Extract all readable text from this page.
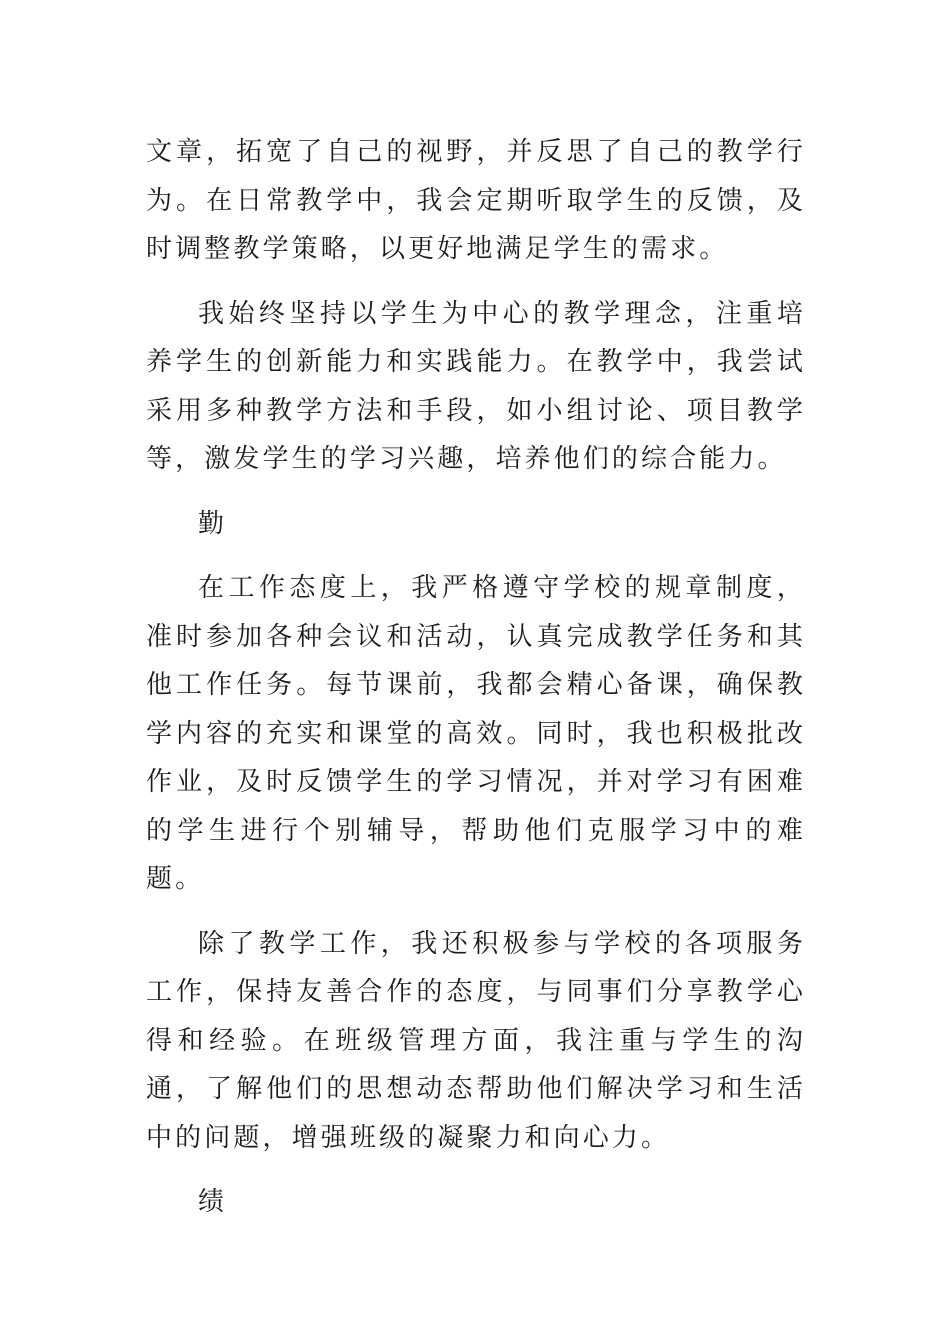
文章，拓宽了自己的视野，并反思了自己的教学行为。在日常教学中，我会定期听取学生的反馈，及时调整教学策略，以更好地满足学生的需求。

我始终坚持以学生为中心的教学理念，注重培养学生的创新能力和实践能力。在教学中，我尝试采用多种教学方法和手段，如小组讨论、项目教学等，激发学生的学习兴趣，培养他们的综合能力。

勤

在工作态度上，我严格遵守学校的规章制度，准时参加各种会议和活动，认真完成教学任务和其他工作任务。每节课前，我都会精心备课，确保教学内容的充实和课堂的高效。同时，我也积极批改作业，及时反馈学生的学习情况，并对学习有困难的学生进行个别辅导，帮助他们克服学习中的难题。

除了教学工作，我还积极参与学校的各项服务工作，保持友善合作的态度，与同事们分享教学心得和经验。在班级管理方面，我注重与学生的沟通，了解他们的思想动态帮助他们解决学习和生活中的问题，增强班级的凝聚力和向心力。

绩
